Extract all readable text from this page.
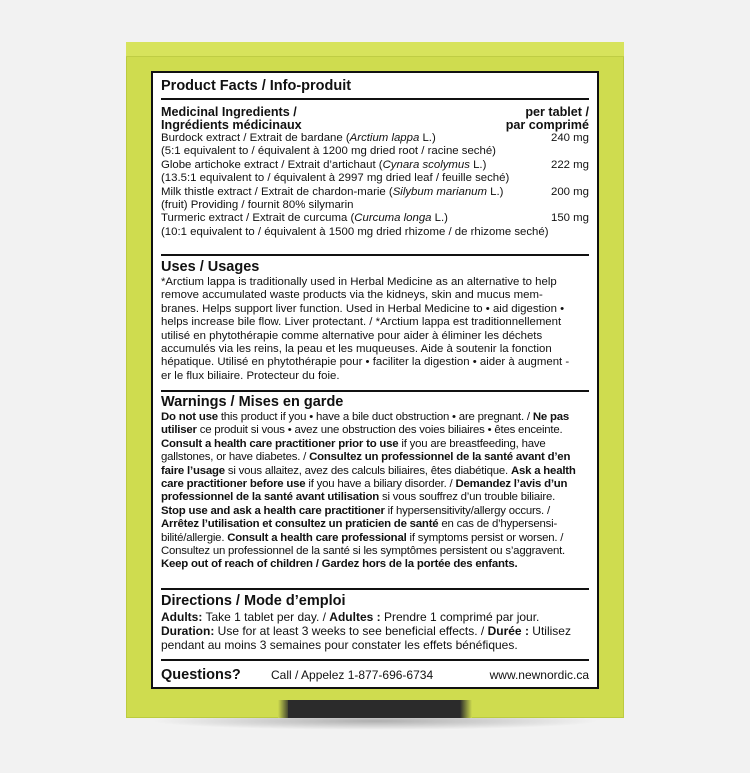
Product Facts / Info-produit
Medicinal Ingredients /	per tablet /
Ingrédients médicinaux	par comprimé
Burdock extract / Extrait de bardane (Arctium lappa L.)	240 mg
(5:1 equivalent to / équivalent à 1200 mg dried root / racine seché)
Globe artichoke extract / Extrait d’artichaut (Cynara scolymus L.)	222 mg
(13.5:1 equivalent to / équivalent à 2997 mg dried leaf / feuille seché)
Milk thistle extract / Extrait de chardon-marie (Silybum marianum L.)	200 mg
(fruit) Providing / fournit 80% silymarin
Turmeric extract / Extrait de curcuma (Curcuma longa L.)	150 mg
(10:1 equivalent to / équivalent à 1500 mg dried rhizome / de rhizome seché)
Uses / Usages
*Arctium lappa is traditionally used in Herbal Medicine as an alternative to help
remove accumulated waste products via the kidneys, skin and mucus mem-
branes. Helps support liver function. Used in Herbal Medicine to • aid digestion •
helps increase bile flow. Liver protectant. / *Arctium lappa est traditionnellement
utilisé en phytothérapie comme alternative pour aider à éliminer les déchets
accumulés via les reins, la peau et les muqueuses. Aide à soutenir la fonction
hépatique. Utilisé en phytothérapie pour • faciliter la digestion • aider à augment -
er le flux biliaire. Protecteur du foie.
Warnings / Mises en garde
Do not use this product if you • have a bile duct obstruction • are pregnant. / Ne pas
utiliser ce produit si vous • avez une obstruction des voies biliaires • êtes enceinte.
Consult a health care practitioner prior to use if you are breastfeeding, have
gallstones, or have diabetes. / Consultez un professionnel de la santé avant d’en
faire l’usage si vous allaitez, avez des calculs biliaires, êtes diabétique. Ask a health
care practitioner before use if you have a biliary disorder. / Demandez l’avis d’un
professionnel de la santé avant utilisation si vous souffrez d’un trouble biliaire.
Stop use and ask a health care practitioner if hypersensitivity/allergy occurs. /
Arrêtez l’utilisation et consultez un praticien de santé en cas de d’hypersensi-
bilité/allergie. Consult a health care professional if symptoms persist or worsen. /
Consultez un professionnel de la santé si les symptômes persistent ou s’aggravent.
Keep out of reach of children / Gardez hors de la portée des enfants.
Directions / Mode d’emploi
Adults: Take 1 tablet per day. / Adultes : Prendre 1 comprimé par jour.
Duration: Use for at least 3 weeks to see beneficial effects. / Durée : Utilisez
pendant au moins 3 semaines pour constater les effets bénéfiques.
Questions?	Call / Appelez 1-877-696-6734	www.newnordic.ca
